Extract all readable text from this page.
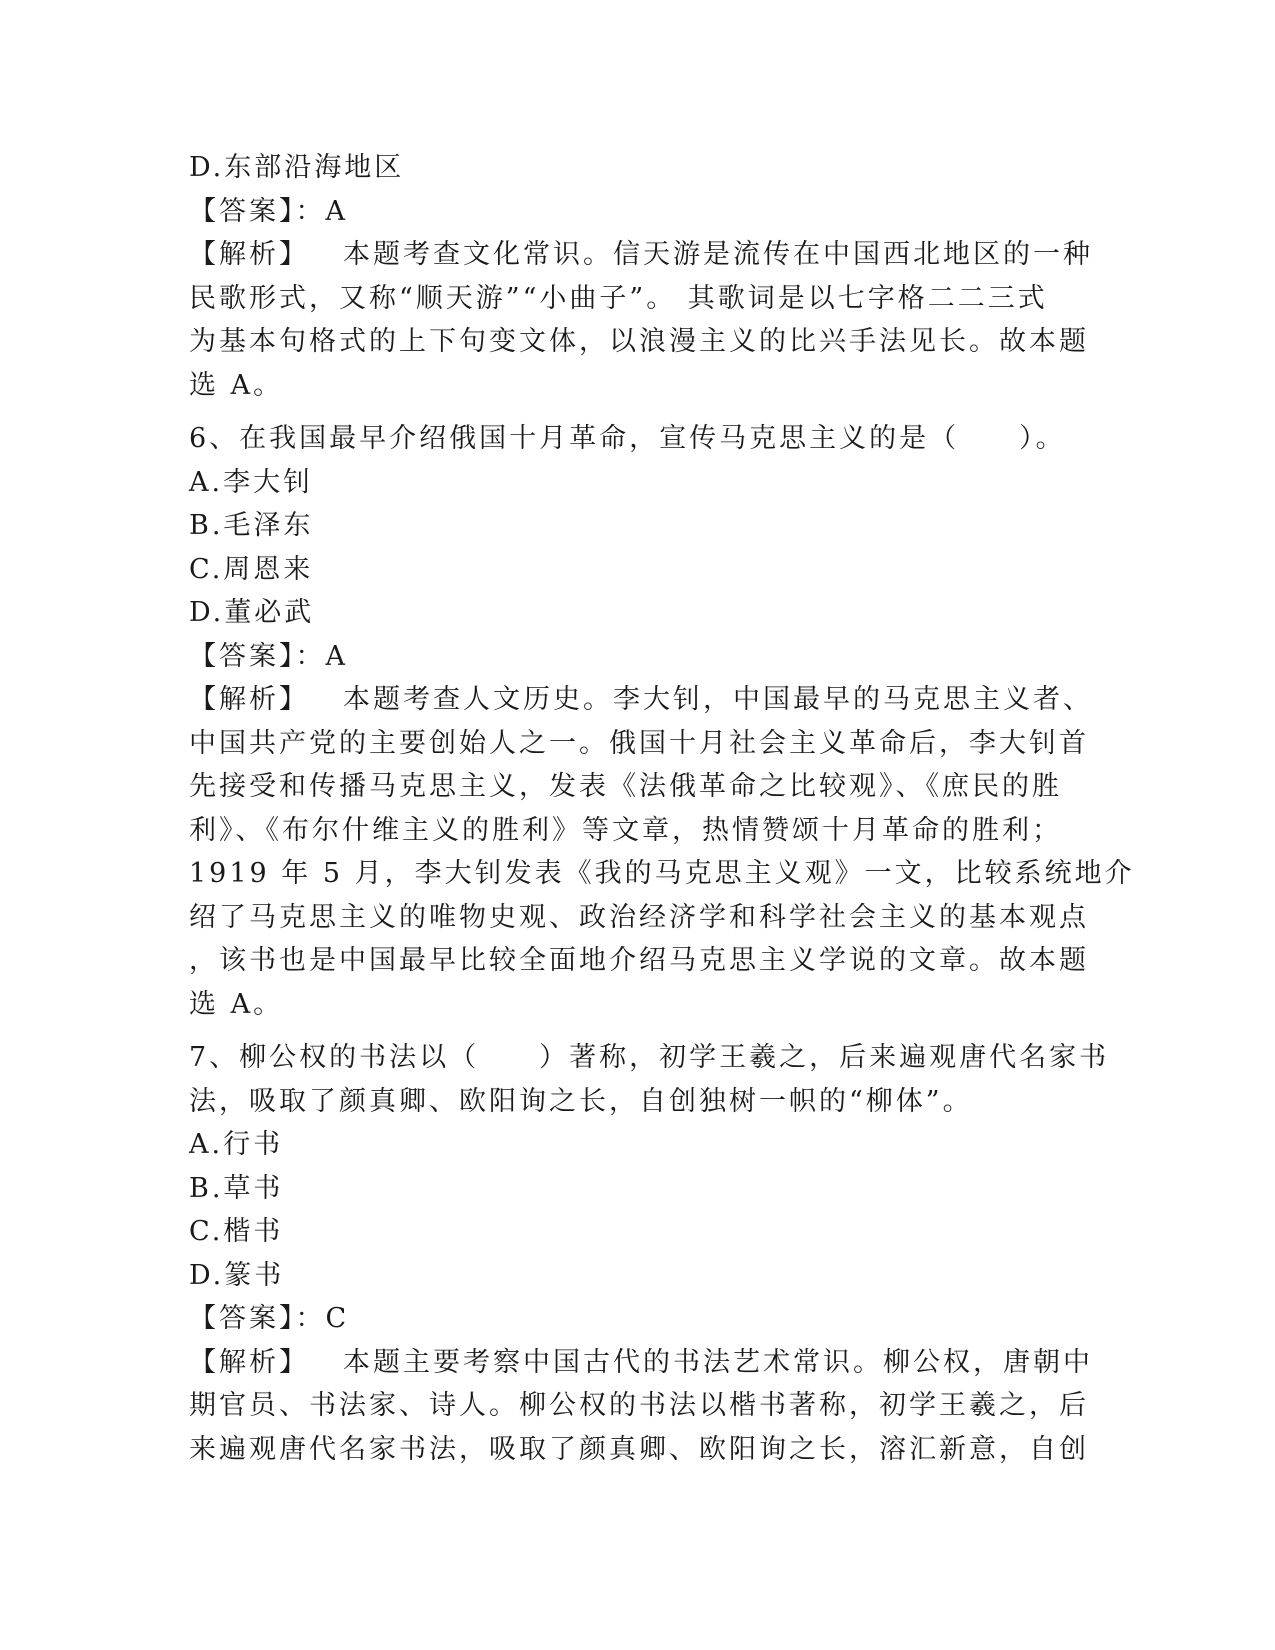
D.东部沿海地区
【答案】：A
【解析】 本题考查文化常识。信天游是流传在中国西北地区的一种
民歌形式，又称“顺天游”“小曲子”。 其歌词是以七字格二二三式
为基本句格式的上下句变文体，以浪漫主义的比兴手法见长。故本题
选 A。
6、在我国最早介绍俄国十月革命，宣传马克思主义的是（　　）。
A.李大钊
B.毛泽东
C.周恩来
D.董必武
【答案】：A
【解析】 本题考查人文历史。李大钊，中国最早的马克思主义者、
中国共产党的主要创始人之一。俄国十月社会主义革命后，李大钊首
先接受和传播马克思主义，发表《法俄革命之比较观》、《庶民的胜
利》、《布尔什维主义的胜利》等文章，热情赞颂十月革命的胜利；
1919 年 5 月，李大钊发表《我的马克思主义观》一文，比较系统地介
绍了马克思主义的唯物史观、政治经济学和科学社会主义的基本观点
，该书也是中国最早比较全面地介绍马克思主义学说的文章。故本题
选 A。
7、柳公权的书法以（　　）著称，初学王羲之，后来遍观唐代名家书
法，吸取了颜真卿、欧阳询之长，自创独树一帜的“柳体”。
A.行书
B.草书
C.楷书
D.篆书
【答案】：C
【解析】 本题主要考察中国古代的书法艺术常识。柳公权，唐朝中
期官员、书法家、诗人。柳公权的书法以楷书著称，初学王羲之，后
来遍观唐代名家书法，吸取了颜真卿、欧阳询之长，溶汇新意，自创
